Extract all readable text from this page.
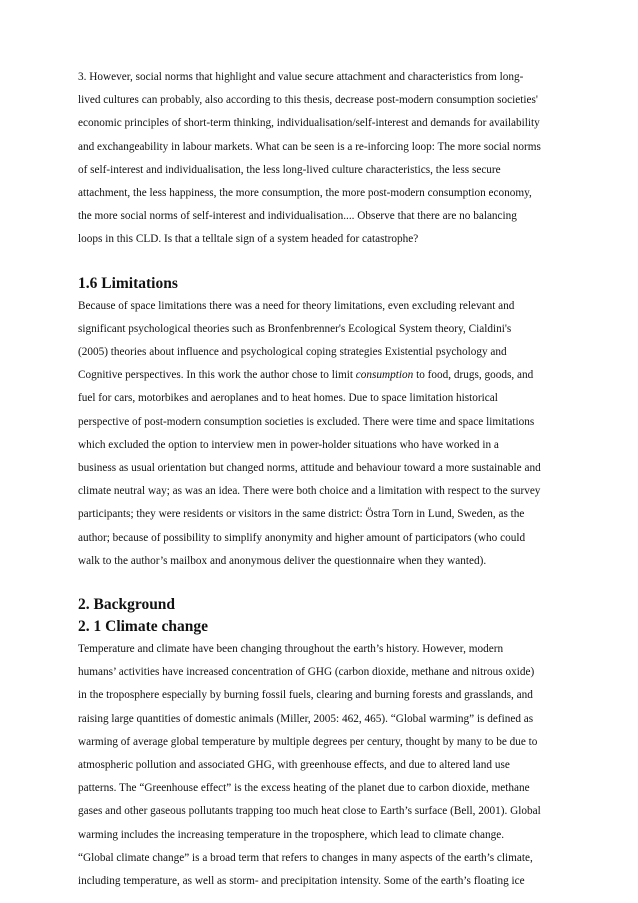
3. However, social norms that highlight and value secure attachment and characteristics from long-
lived cultures can probably, also according to this thesis, decrease post-modern consumption societies'
economic principles of short-term thinking, individualisation/self-interest and demands for availability
and exchangeability in labour markets. What can be seen is a re-inforcing loop: The more social norms
of self-interest and individualisation, the less long-lived culture characteristics, the less secure
attachment, the less happiness, the more consumption, the more post-modern consumption economy,
the more social norms of self-interest and individualisation.... Observe that there are no balancing
loops in this CLD. Is that a telltale sign of a system headed for catastrophe?

1.6 Limitations

Because of space limitations there was a need for theory limitations, even excluding relevant and
significant psychological theories such as Bronfenbrenner's Ecological System theory, Cialdini's
(2005) theories about influence and psychological coping strategies Existential psychology and
Cognitive perspectives. In this work the author chose to limit consumption to food, drugs, goods, and
fuel for cars, motorbikes and aeroplanes and to heat homes. Due to space limitation historical
perspective of post-modern consumption societies is excluded. There were time and space limitations
which excluded the option to interview men in power-holder situations who have worked in a
business as usual orientation but changed norms, attitude and behaviour toward a more sustainable and
climate neutral way; as was an idea. There were both choice and a limitation with respect to the survey
participants; they were residents or visitors in the same district: Östra Torn in Lund, Sweden, as the
author; because of possibility to simplify anonymity and higher amount of participators (who could
walk to the author’s mailbox and anonymous deliver the questionnaire when they wanted).

2. Background
2. 1 Climate change

Temperature and climate have been changing throughout the earth’s history. However, modern
humans’ activities have increased concentration of GHG (carbon dioxide, methane and nitrous oxide)
in the troposphere especially by burning fossil fuels, clearing and burning forests and grasslands, and
raising large quantities of domestic animals (Miller, 2005: 462, 465). “Global warming” is defined as
warming of average global temperature by multiple degrees per century, thought by many to be due to
atmospheric pollution and associated GHG, with greenhouse effects, and due to altered land use
patterns. The “Greenhouse effect” is the excess heating of the planet due to carbon dioxide, methane
gases and other gaseous pollutants trapping too much heat close to Earth’s surface (Bell, 2001). Global
warming includes the increasing temperature in the troposphere, which lead to climate change.
“Global climate change” is a broad term that refers to changes in many aspects of the earth’s climate,
including temperature, as well as storm- and precipitation intensity. Some of the earth’s floating ice
